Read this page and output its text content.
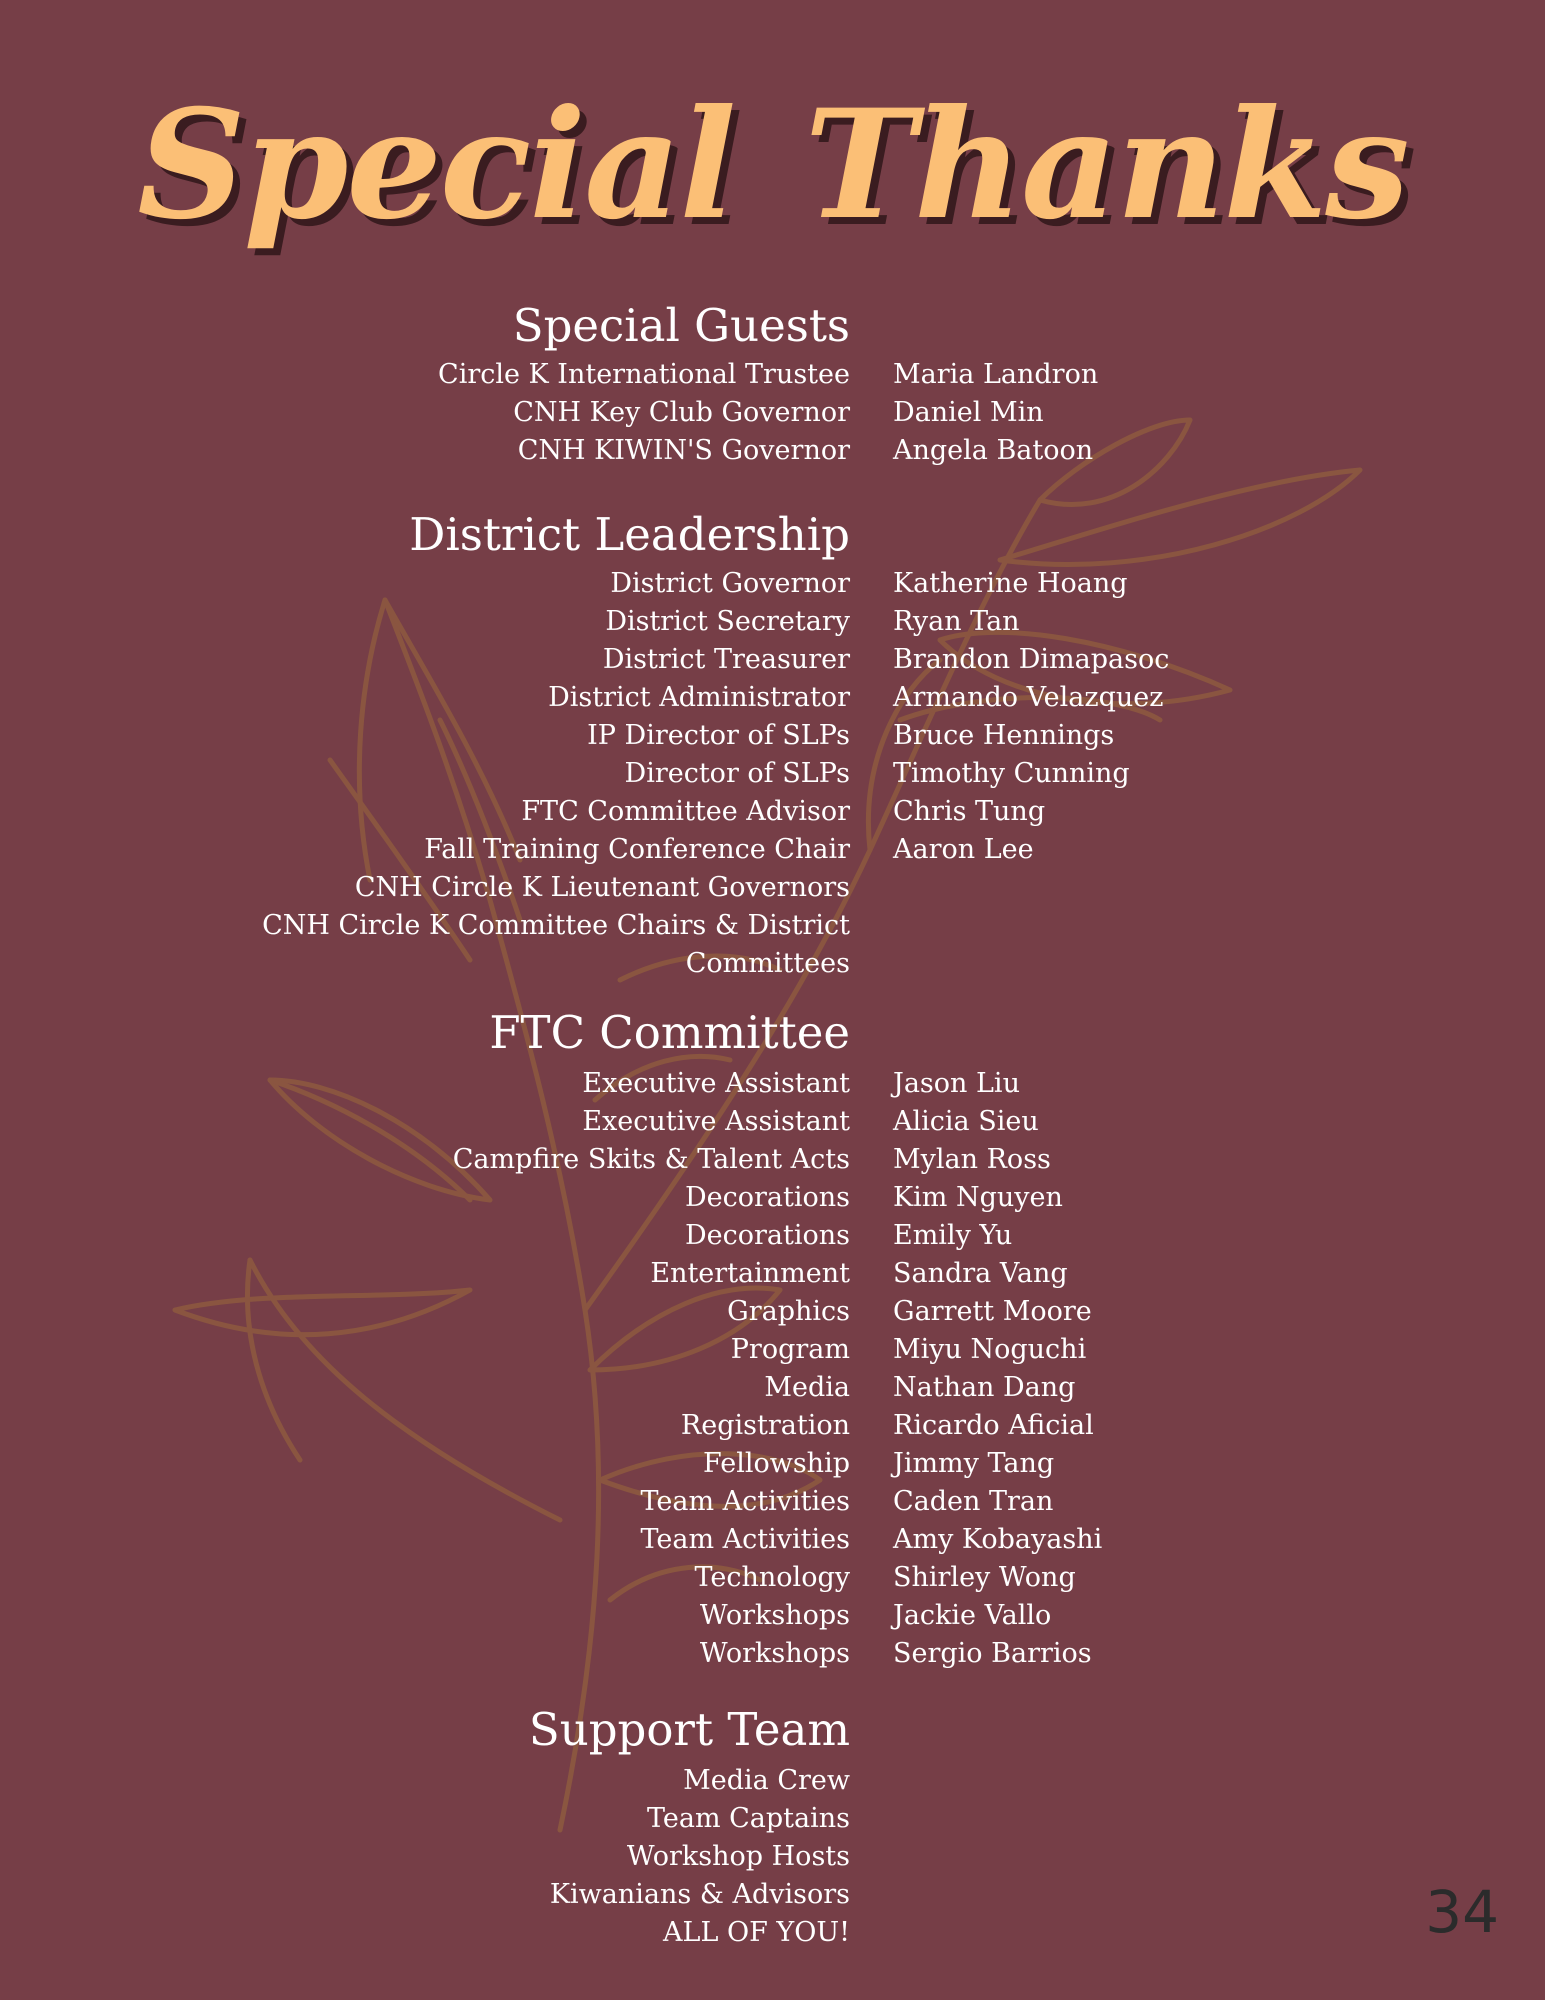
Special Thanks
Special Guests
Circle K International Trustee Maria Landron
CNH Key Club Governor Daniel Min
CNH KIWIN'S Governor Angela Batoon
District Leadership
District Governor Katherine Hoang
District Secretary Ryan Tan
District Treasurer Brandon Dimapasoc
District Administrator Armando Velazquez
IP Director of SLPs Bruce Hennings
Director of SLPs Timothy Cunning
FTC Committee Advisor Chris Tung
Fall Training Conference Chair Aaron Lee
CNH Circle K Lieutenant Governors
CNH Circle K Committee Chairs & District Committees
FTC Committee
Executive Assistant Jason Liu
Executive Assistant Alicia Sieu
Campfire Skits & Talent Acts Mylan Ross
Decorations Kim Nguyen
Decorations Emily Yu
Entertainment Sandra Vang
Graphics Garrett Moore
Program Miyu Noguchi
Media Nathan Dang
Registration Ricardo Aficial
Fellowship Jimmy Tang
Team Activities Caden Tran
Team Activities Amy Kobayashi
Technology Shirley Wong
Workshops Jackie Vallo
Workshops Sergio Barrios
Support Team
Media Crew
Team Captains
Workshop Hosts
Kiwanians & Advisors
ALL OF YOU!	34
